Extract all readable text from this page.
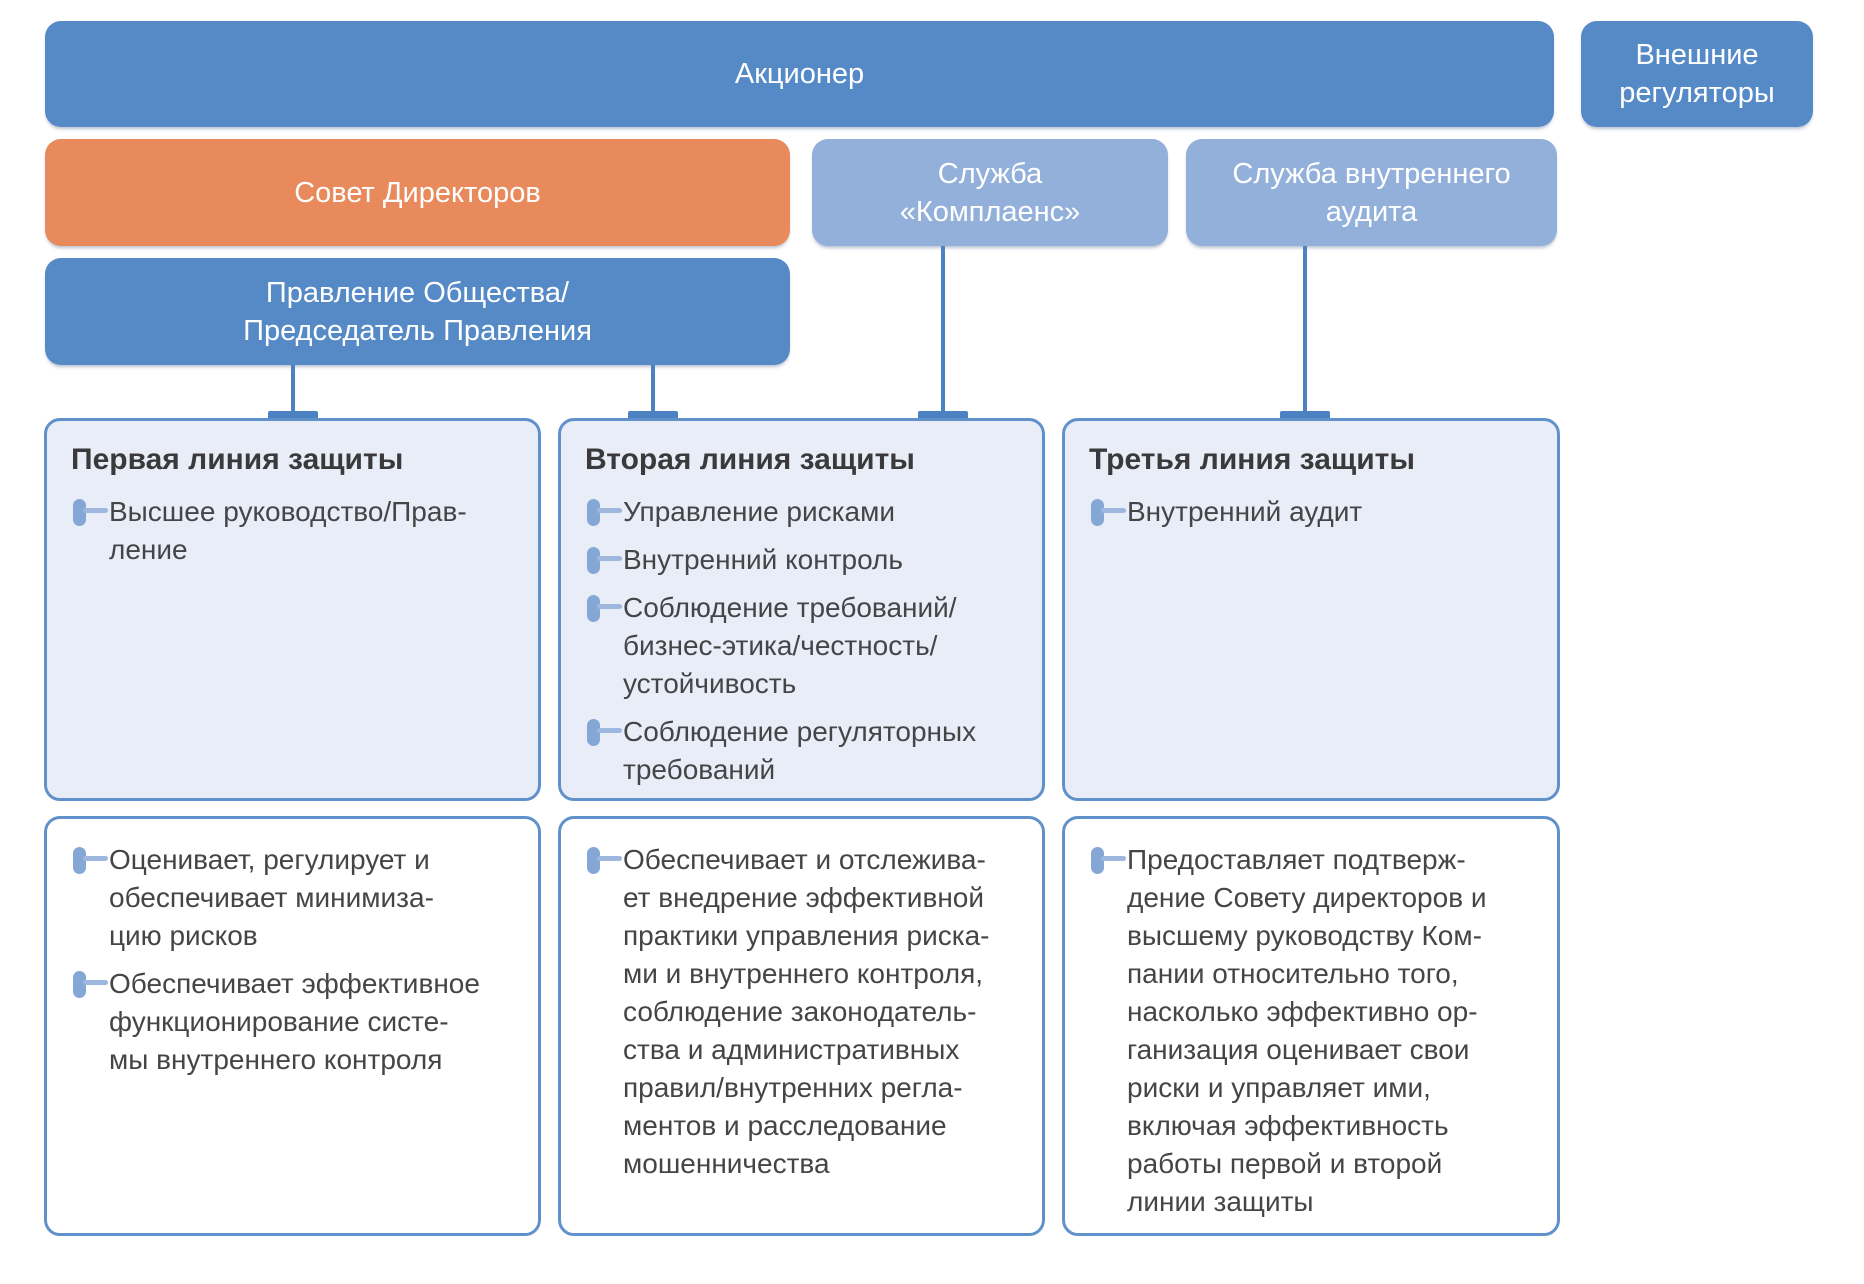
Акционер
Внешние
регуляторы
Совет Директоров
Служба
«Комплаенс»
Служба внутреннего
аудита
Правление Общества/
Председатель Правления
Первая линия защиты
Высшее руководство/Прав-
ление
Вторая линия защиты
Управление рисками
Внутренний контроль
Соблюдение требований/
бизнес-этика/честность/
устойчивость
Соблюдение регуляторных
требований
Третья линия защиты
Внутренний аудит
Оценивает, регулирует и
обеспечивает минимиза-
цию рисков
Обеспечивает эффективное
функционирование систе-
мы внутреннего контроля
Обеспечивает и отслежива-
ет внедрение эффективной
практики управления риска-
ми и внутреннего контроля,
соблюдение законодатель-
ства и административных
правил/внутренних регла-
ментов и расследование
мошенничества
Предоставляет подтверж-
дение Совету директоров и
высшему руководству Ком-
пании относительно того,
насколько эффективно ор-
ганизация оценивает свои
риски и управляет ими,
включая эффективность
работы первой и второй
линии защиты
